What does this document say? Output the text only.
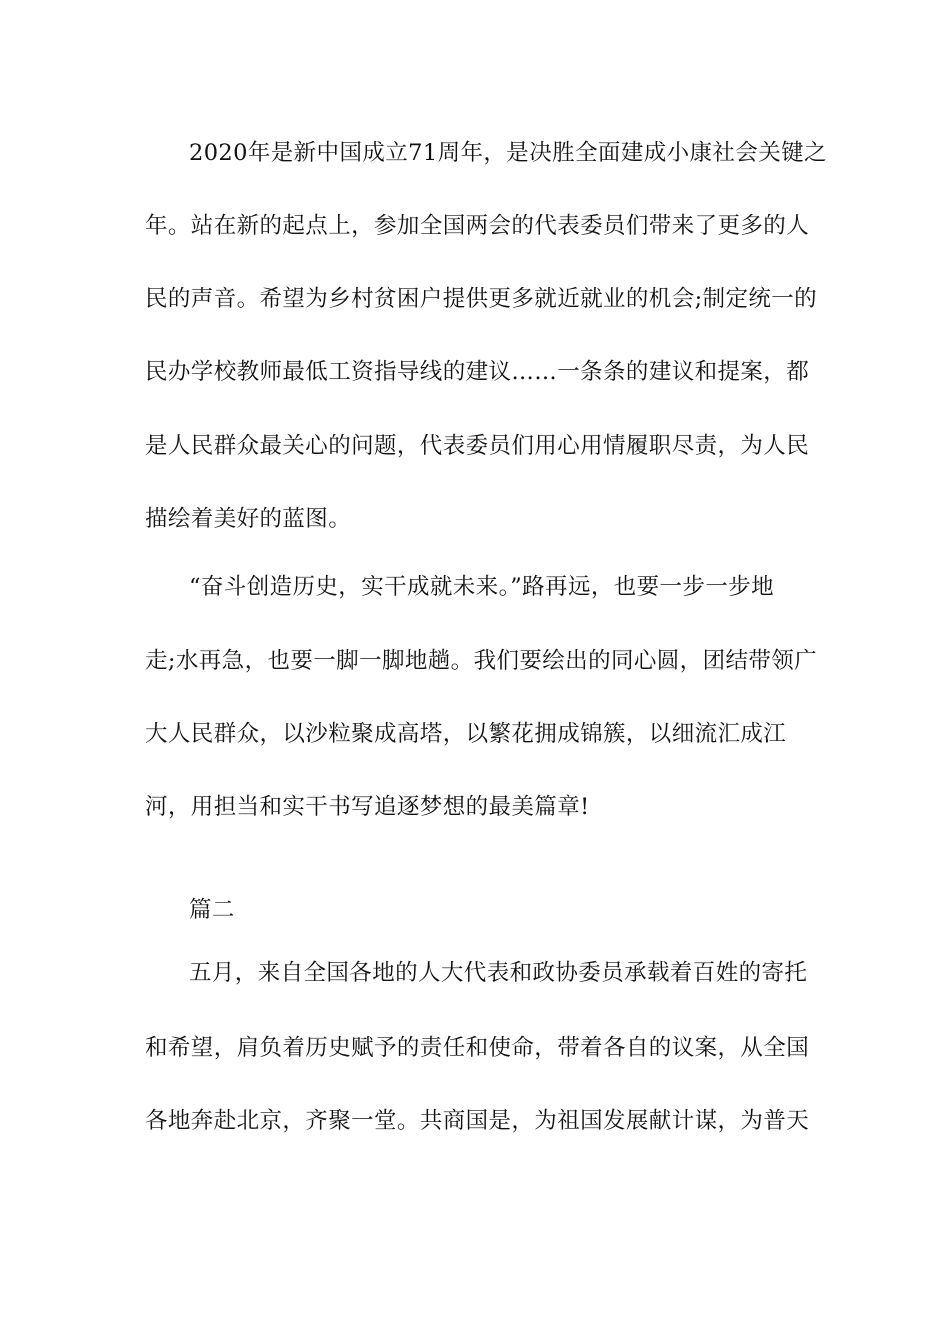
2020年是新中国成立71周年，是决胜全面建成小康社会关键之
年。站在新的起点上，参加全国两会的代表委员们带来了更多的人
民的声音。希望为乡村贫困户提供更多就近就业的机会;制定统一的
民办学校教师最低工资指导线的建议……一条条的建议和提案，都
是人民群众最关心的问题，代表委员们用心用情履职尽责，为人民
描绘着美好的蓝图。
“奋斗创造历史，实干成就未来。”路再远，也要一步一步地
走;水再急，也要一脚一脚地趟。我们要绘出的同心圆，团结带领广
大人民群众，以沙粒聚成高塔，以繁花拥成锦簇，以细流汇成江
河，用担当和实干书写追逐梦想的最美篇章!
篇二
五月，来自全国各地的人大代表和政协委员承载着百姓的寄托
和希望，肩负着历史赋予的责任和使命，带着各自的议案，从全国
各地奔赴北京，齐聚一堂。共商国是，为祖国发展献计谋，为普天
